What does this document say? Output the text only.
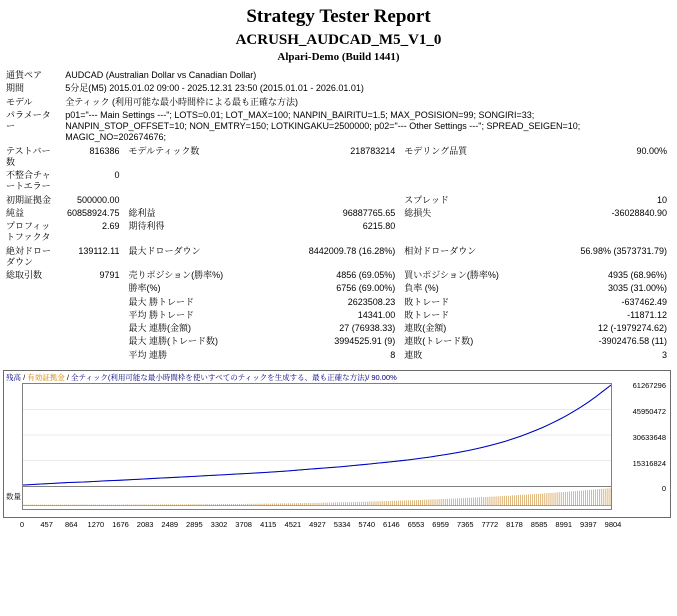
Strategy Tester Report
ACRUSH_AUDCAD_M5_V1_0
Alpari-Demo (Build 1441)
通貨ペア	AUDCAD (Australian Dollar vs Canadian Dollar)				
期間	5分足(M5) 2015.01.02 09:00 - 2025.12.31 23:50 (2015.01.01 - 2026.01.01)				
モデル	全ティック (利用可能な最小時間枠による最も正確な方法)				
パラメーター	p01="--- Main Settings ---"; LOTS=0.01; LOT_MAX=100; NANPIN_BAIRITU=1.5; MAX_POSISION=99; SONGIRI=33;
NANPIN_STOP_OFFSET=10; NON_EMTRY=150; LOTKINGAKU=2500000; p02="--- Other Settings ---"; SPREAD_SEIGEN=10;
MAGIC_NO=202674676;				

テストバー数	816386	モデルティック数	218783214	モデリング品質	90.00%
不整合チャートエラー	0				
初期証拠金	500000.00			スプレッド	10
純益	60858924.75	総利益	96887765.65	総損失	-36028840.90
プロフィットファクタ	2.69	期待利得	6215.80		
絶対ドローダウン	139112.11	最大ドローダウン	8442009.78 (16.28%)	相対ドローダウン	56.98% (3573731.79)
総取引数	9791	売りポジション(勝率%)	4856 (69.05%)	買いポジション(勝率%)	4935 (68.96%)
		勝率(%)	6756 (69.00%)	負率 (%)	3035 (31.00%)
		最大 勝トレード	2623508.23	敗トレード	-637462.49
		平均 勝トレード	14341.00	敗トレード	-11871.12
		最大 連勝(金額)	27 (76938.33)	連敗(金額)	12 (-1979274.62)
		最大 連勝(トレード数)	3994525.91 (9)	連敗(トレード数)	-3902476.58 (11)
		平均 連勝	8	連敗	3
残高 / 有効証拠金 / 全ティック(利用可能な最小時間枠を使いすべてのティックを生成する、最も正確な方法)/ 90.00%
61267296
45950472
30633648
15316824
0
数量
0 457 864 1270 1676 2083 2489 2895 3302 3708 4115 4521 4927 5334 5740 6146 6553 6959 7365 7772 8178 8585 8991 9397 9804
